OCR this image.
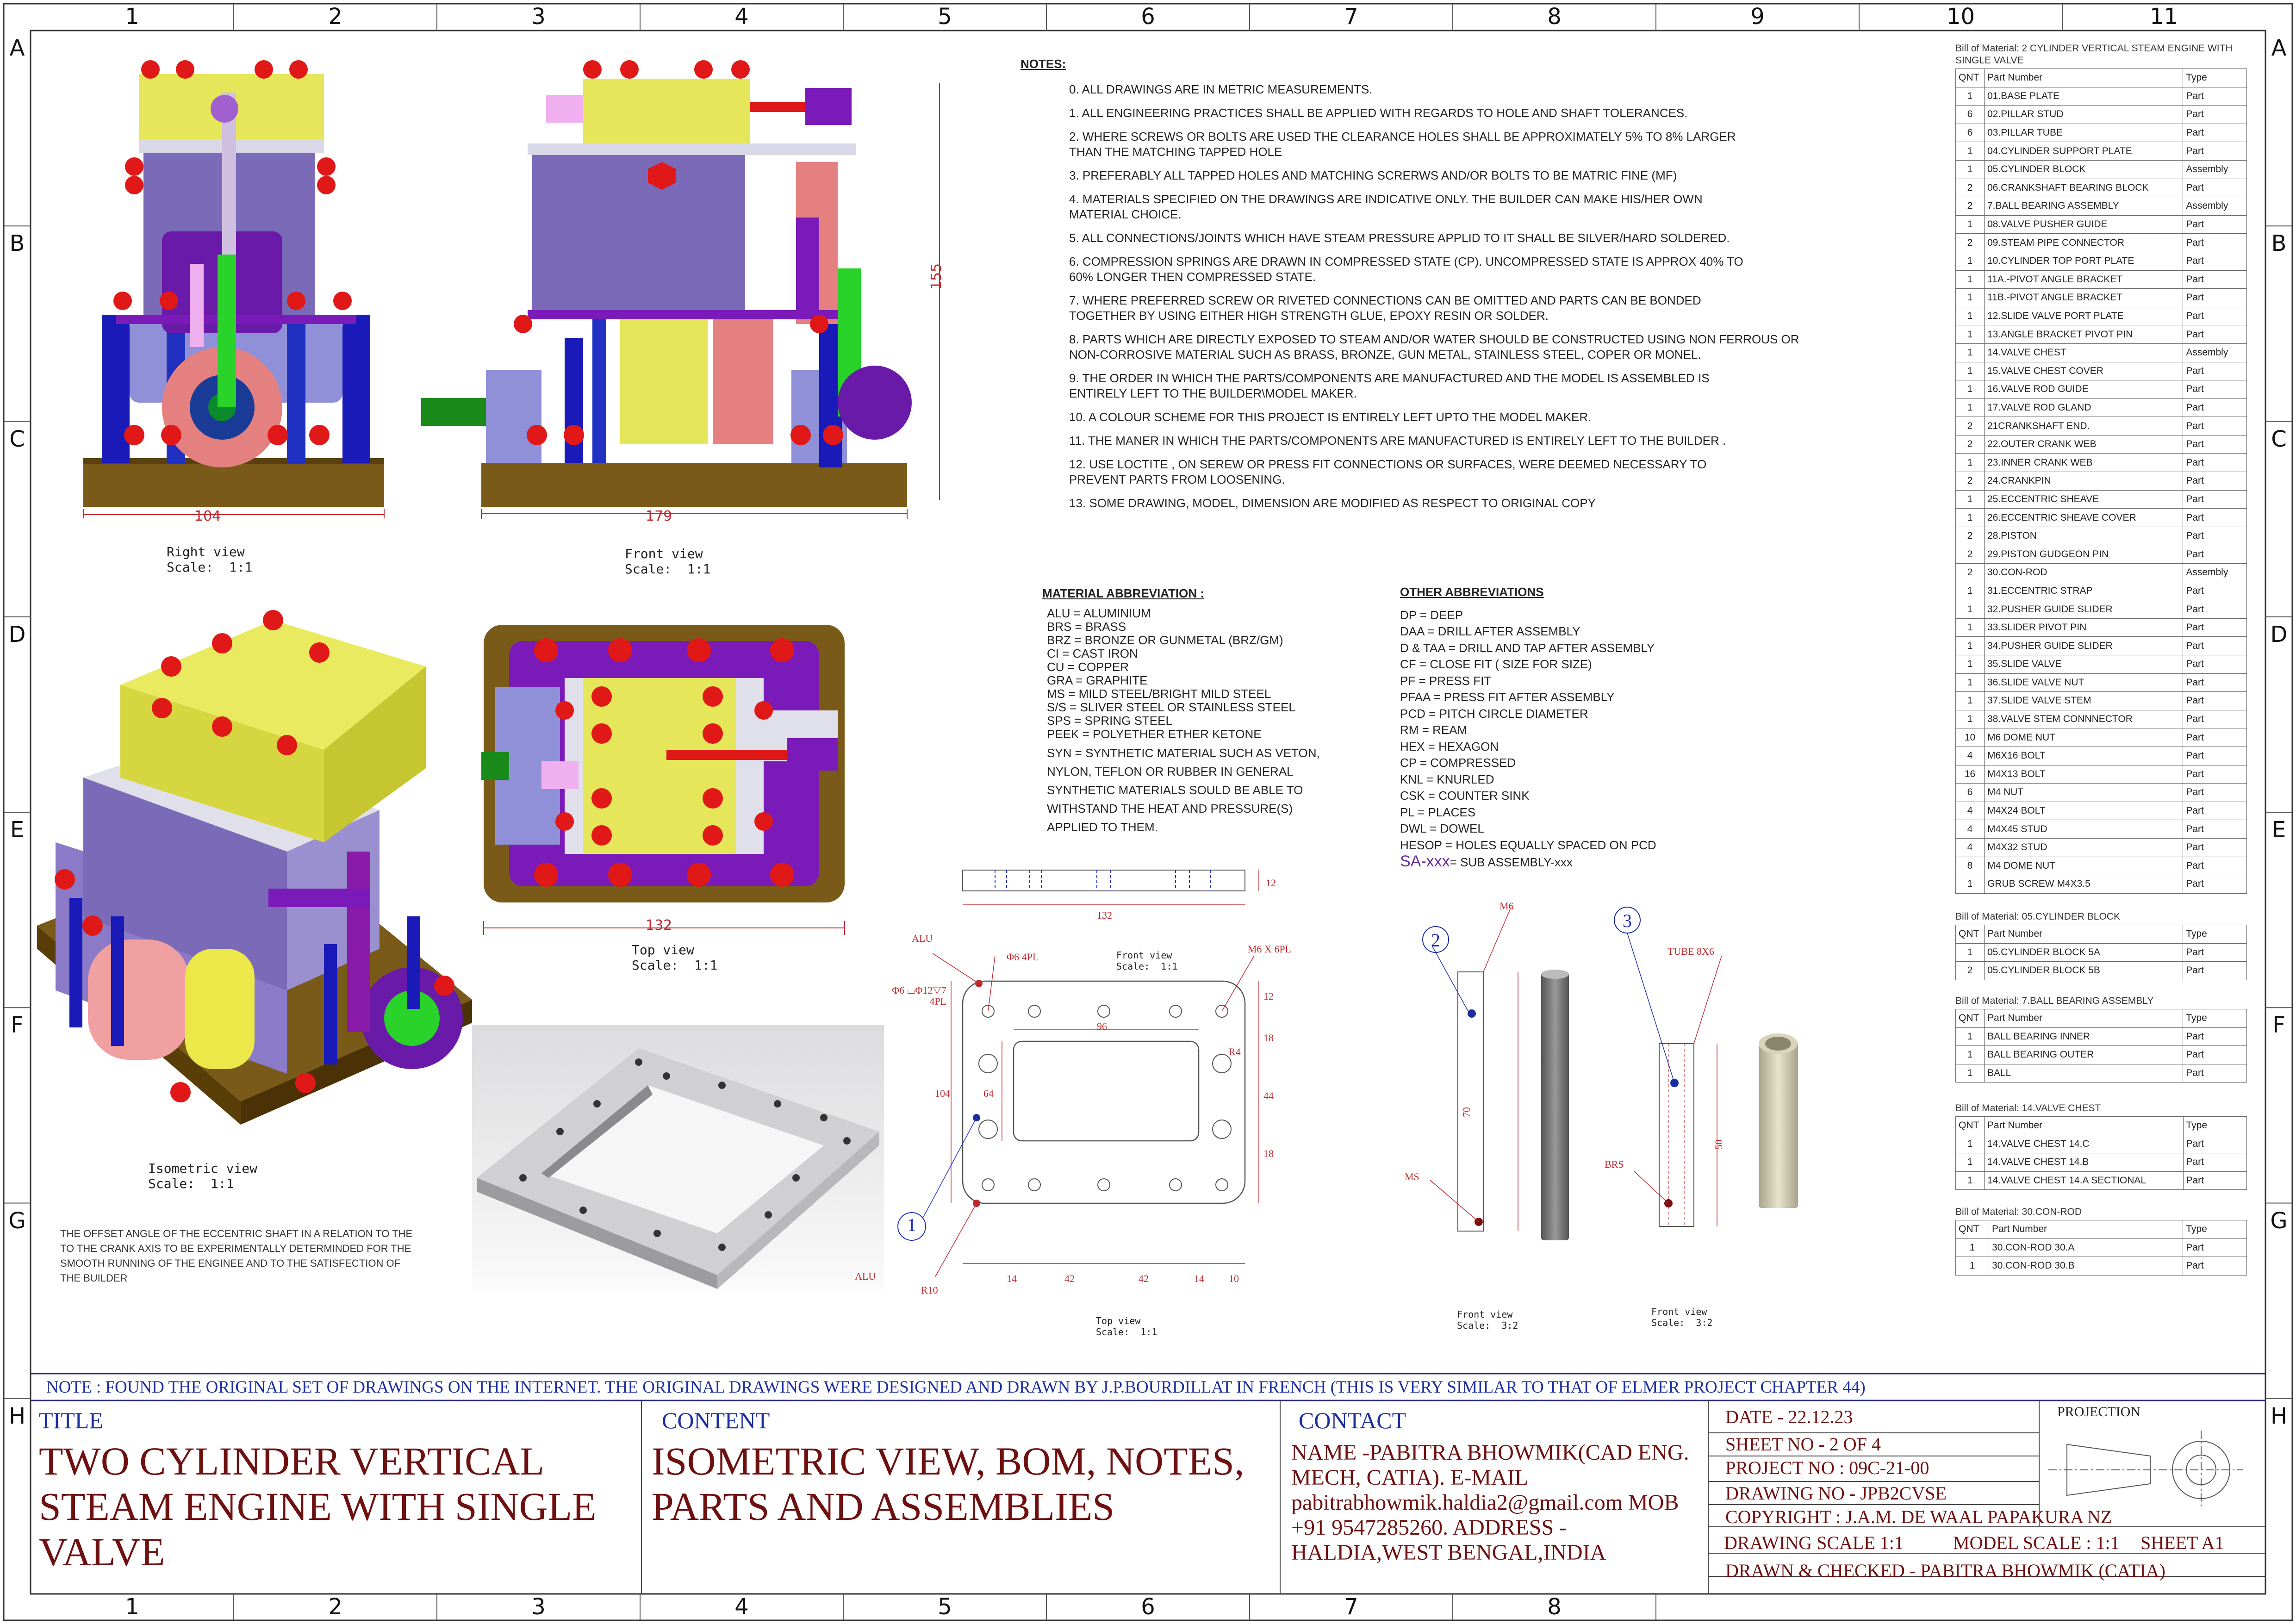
1	2	3	4	5	6	7	8	9	10	11
1	2	3	4	5	6	7	8
A	A
B	B
C	C
D	D
E	E
F	F
G	G
H	H
104
Right view
Scale:  1:1
179
155
Front view
Scale:  1:1
Isometric view
Scale:  1:1
THE OFFSET ANGLE OF THE ECCENTRIC SHAFT IN A RELATION TO THE TO THE CRANK AXIS TO BE EXPERIMENTALLY DETERMINDED FOR THE SMOOTH RUNNING OF THE ENGINEE AND TO THE SATISFECTION OF THE BUILDER
132
Top view
Scale:  1:1
NOTES:
0. ALL DRAWINGS ARE IN METRIC MEASUREMENTS.
1. ALL ENGINEERING PRACTICES SHALL BE APPLIED WITH REGARDS TO HOLE AND SHAFT TOLERANCES.
2. WHERE SCREWS OR BOLTS ARE USED THE CLEARANCE HOLES SHALL BE APPROXIMATELY 5% TO 8% LARGER
THAN THE MATCHING TAPPED HOLE
3. PREFERABLY ALL TAPPED HOLES AND MATCHING SCRERWS AND/OR BOLTS TO BE MATRIC FINE (MF)
4. MATERIALS SPECIFIED ON THE DRAWINGS ARE INDICATIVE ONLY. THE BUILDER CAN MAKE HIS/HER OWN
MATERIAL CHOICE.
5. ALL CONNECTIONS/JOINTS WHICH HAVE STEAM PRESSURE APPLID TO IT SHALL BE SILVER/HARD SOLDERED.
6. COMPRESSION SPRINGS ARE DRAWN IN COMPRESSED STATE (CP). UNCOMPRESSED STATE IS APPROX 40% TO
60% LONGER THEN COMPRESSED STATE.
7. WHERE PREFERRED SCREW OR RIVETED CONNECTIONS CAN BE OMITTED AND PARTS CAN BE BONDED
TOGETHER BY USING EITHER HIGH STRENGTH GLUE, EPOXY RESIN OR SOLDER.
8. PARTS WHICH ARE DIRECTLY EXPOSED TO STEAM AND/OR WATER SHOULD BE CONSTRUCTED USING NON FERROUS OR
NON-CORROSIVE MATERIAL SUCH AS BRASS, BRONZE, GUN METAL, STAINLESS STEEL, COPER OR MONEL.
9. THE ORDER IN WHICH THE PARTS/COMPONENTS ARE MANUFACTURED AND THE MODEL IS ASSEMBLED IS
ENTIRELY LEFT TO THE BUILDER\MODEL MAKER.
10. A COLOUR SCHEME FOR THIS PROJECT IS ENTIRELY LEFT UPTO THE MODEL MAKER.
11. THE MANER IN WHICH THE PARTS/COMPONENTS ARE MANUFACTURED IS ENTIRELY LEFT TO THE BUILDER .
12. USE LOCTITE , ON SEREW OR PRESS FIT CONNECTIONS OR SURFACES, WERE DEEMED NECESSARY TO
PREVENT PARTS FROM LOOSENING.
13. SOME DRAWING, MODEL, DIMENSION ARE MODIFIED AS RESPECT TO ORIGINAL COPY
MATERIAL ABBREVIATION :
ALU = ALUMINIUM
BRS = BRASS
BRZ = BRONZE OR GUNMETAL (BRZ/GM)
CI = CAST IRON
CU = COPPER
GRA = GRAPHITE
MS = MILD STEEL/BRIGHT MILD STEEL
S/S = SLIVER STEEL OR STAINLESS STEEL
SPS = SPRING STEEL
PEEK = POLYETHER ETHER KETONE
SYN = SYNTHETIC MATERIAL SUCH AS VETON,
NYLON, TEFLON OR RUBBER IN GENERAL
SYNTHETIC MATERIALS SOULD BE ABLE TO
WITHSTAND THE HEAT AND PRESSURE(S)
APPLIED TO THEM.
OTHER ABBREVIATIONS
DP = DEEP
DAA = DRILL AFTER ASSEMBLY
D & TAA = DRILL AND TAP AFTER ASSEMBLY
CF = CLOSE FIT ( SIZE FOR SIZE)
PF = PRESS FIT
PFAA = PRESS FIT AFTER ASSEMBLY
PCD = PITCH CIRCLE DIAMETER
RM = REAM
HEX = HEXAGON
CP = COMPRESSED
KNL = KNURLED
CSK = COUNTER SINK
PL = PLACES
DWL = DOWEL
HESOP = HOLES EQUALLY SPACED ON PCD
SA-xxx= SUB ASSEMBLY-xxx
132
12
96
64
104
12
18
44
18
14	42	42	14 10
ALU
Φ6 4PL
M6 X 6PL
R4
R10
ALU
1
Φ6 ⌴Φ12▽7
4PL
Front view
Scale:  1:1
Top view
Scale:  1:1
2
3
M6
MS
70
Front view
Scale:  3:2
TUBE 8X6
BRS
50
Front view
Scale:  3:2
Bill of Material: 2 CYLINDER VERTICAL STEAM ENGINE WITH SINGLE VALVE
QNT	Part Number	Type
1	01.BASE PLATE	Part
6	02.PILLAR STUD	Part
6	03.PILLAR TUBE	Part
1	04.CYLINDER SUPPORT PLATE	Part
1	05.CYLINDER BLOCK	Assembly
2	06.CRANKSHAFT BEARING BLOCK	Part
2	7.BALL BEARING ASSEMBLY	Assembly
1	08.VALVE PUSHER GUIDE	Part
2	09.STEAM PIPE CONNECTOR	Part
1	10.CYLINDER TOP PORT PLATE	Part
1	11A.-PIVOT ANGLE BRACKET	Part
1	11B.-PIVOT ANGLE BRACKET	Part
1	12.SLIDE VALVE PORT PLATE	Part
1	13.ANGLE BRACKET PIVOT PIN	Part
1	14.VALVE CHEST	Assembly
1	15.VALVE CHEST COVER	Part
1	16.VALVE ROD GUIDE	Part
1	17.VALVE ROD GLAND	Part
2	21CRANKSHAFT END.	Part
2	22.OUTER CRANK WEB	Part
1	23.INNER CRANK WEB	Part
2	24.CRANKPIN	Part
1	25.ECCENTRIC SHEAVE	Part
1	26.ECCENTRIC SHEAVE COVER	Part
2	28.PISTON	Part
2	29.PISTON GUDGEON PIN	Part
2	30.CON-ROD	Assembly
1	31.ECCENTRIC STRAP	Part
1	32.PUSHER GUIDE SLIDER	Part
1	33.SLIDER PIVOT PIN	Part
1	34.PUSHER GUIDE SLIDER	Part
1	35.SLIDE VALVE	Part
1	36.SLIDE VALVE NUT	Part
1	37.SLIDE VALVE STEM	Part
1	38.VALVE STEM CONNNECTOR	Part
10	M6 DOME NUT	Part
4	M6X16 BOLT	Part
16	M4X13 BOLT	Part
6	M4 NUT	Part
4	M4X24 BOLT	Part
4	M4X45 STUD	Part
4	M4X32 STUD	Part
8	M4 DOME NUT	Part
1	GRUB SCREW M4X3.5	Part
Bill of Material: 05.CYLINDER BLOCK
QNT	Part Number	Type
1	05.CYLINDER BLOCK 5A	Part
2	05.CYLINDER BLOCK 5B	Part
Bill of Material: 7.BALL BEARING ASSEMBLY
QNT	Part Number	Type
1	BALL BEARING INNER	Part
1	BALL BEARING OUTER	Part
1	BALL	Part
Bill of Material: 14.VALVE CHEST
QNT	Part Number	Type
1	14.VALVE CHEST 14.C	Part
1	14.VALVE CHEST 14.B	Part
1	14.VALVE CHEST 14.A SECTIONAL	Part
Bill of Material: 30.CON-ROD
QNT	Part Number	Type
1	30.CON-ROD 30.A	Part
1	30.CON-ROD 30.B	Part
NOTE : FOUND THE ORIGINAL SET OF DRAWINGS ON THE INTERNET. THE ORIGINAL DRAWINGS WERE DESIGNED AND DRAWN BY J.P.BOURDILLAT IN FRENCH (THIS IS VERY SIMILAR TO THAT OF ELMER PROJECT CHAPTER 44)
TITLE
TWO CYLINDER VERTICAL STEAM ENGINE WITH SINGLE VALVE
CONTENT
ISOMETRIC VIEW, BOM, NOTES, PARTS AND ASSEMBLIES
CONTACT
NAME -PABITRA BHOWMIK(CAD ENG. MECH, CATIA). E-MAIL pabitrabhowmik.haldia2@gmail.com MOB +91 9547285260. ADDRESS -HALDIA,WEST BENGAL,INDIA
DATE - 22.12.23
SHEET NO - 2 OF 4
PROJECT NO : 09C-21-00
DRAWING NO - JPB2CVSE
COPYRIGHT : J.A.M. DE WAAL PAPAKURA NZ
DRAWING SCALE 1:1	MODEL SCALE : 1:1 SHEET A1
DRAWN & CHECKED - PABITRA BHOWMIK (CATIA)
PROJECTION
